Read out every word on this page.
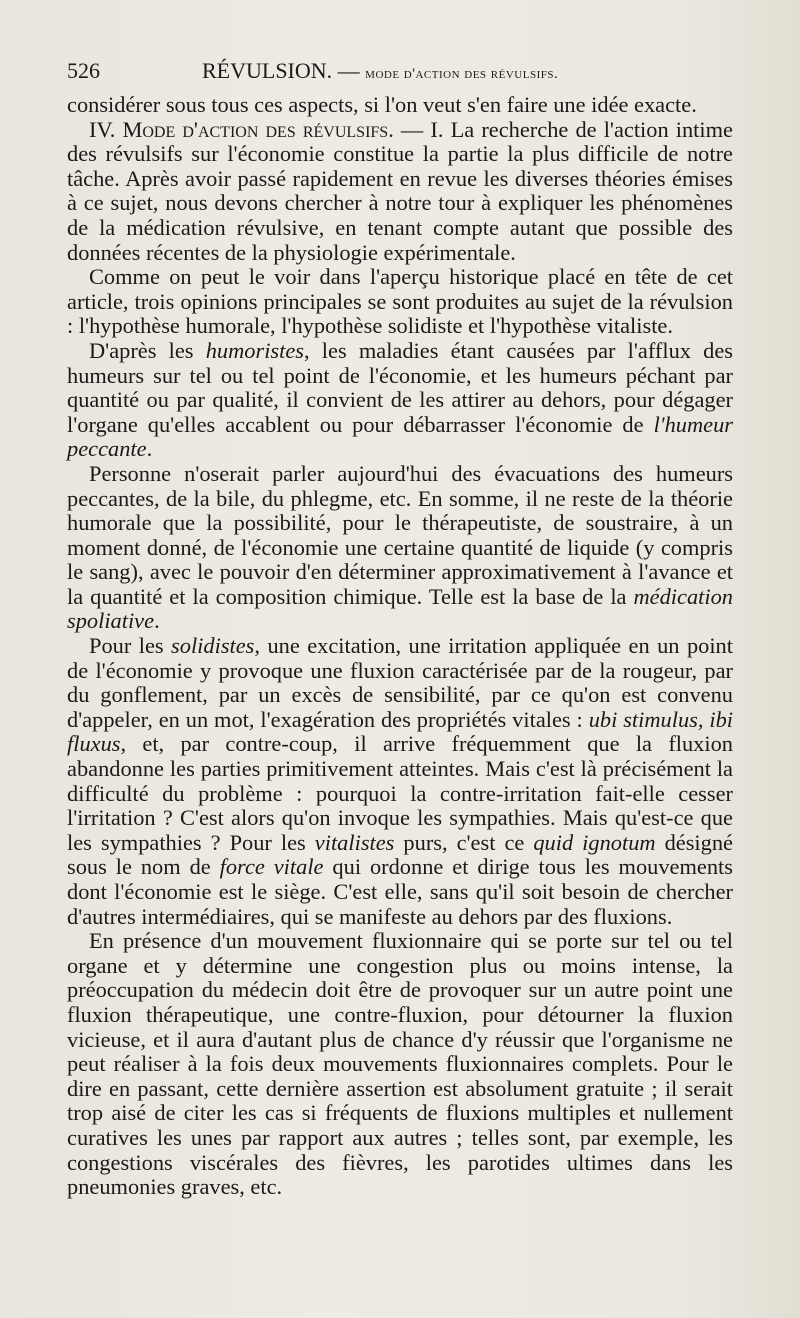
526	RÉVULSION. — mode d'action des révulsifs.

considérer sous tous ces aspects, si l'on veut s'en faire une idée exacte.

IV. Mode d'action des révulsifs. — I. La recherche de l'action intime des révulsifs sur l'économie constitue la partie la plus difficile de notre tâche. Après avoir passé rapidement en revue les diverses théories émises à ce sujet, nous devons chercher à notre tour à expliquer les phénomènes de la médication révulsive, en tenant compte autant que possible des données récentes de la physiologie expérimentale.

Comme on peut le voir dans l'aperçu historique placé en tête de cet article, trois opinions principales se sont produites au sujet de la révulsion : l'hypothèse humorale, l'hypothèse solidiste et l'hypothèse vitaliste.

D'après les humoristes, les maladies étant causées par l'afflux des humeurs sur tel ou tel point de l'économie, et les humeurs péchant par quantité ou par qualité, il convient de les attirer au dehors, pour dégager l'organe qu'elles accablent ou pour débarrasser l'économie de l'humeur peccante.

Personne n'oserait parler aujourd'hui des évacuations des humeurs peccantes, de la bile, du phlegme, etc. En somme, il ne reste de la théorie humorale que la possibilité, pour le thérapeutiste, de soustraire, à un moment donné, de l'économie une certaine quantité de liquide (y compris le sang), avec le pouvoir d'en déterminer approximativement à l'avance et la quantité et la composition chimique. Telle est la base de la médication spoliative.

Pour les solidistes, une excitation, une irritation appliquée en un point de l'économie y provoque une fluxion caractérisée par de la rougeur, par du gonflement, par un excès de sensibilité, par ce qu'on est convenu d'appeler, en un mot, l'exagération des propriétés vitales : ubi stimulus, ibi fluxus, et, par contre-coup, il arrive fréquemment que la fluxion abandonne les parties primitivement atteintes. Mais c'est là précisément la difficulté du problème : pourquoi la contre-irritation fait-elle cesser l'irritation ? C'est alors qu'on invoque les sympathies. Mais qu'est-ce que les sympathies ? Pour les vitalistes purs, c'est ce quid ignotum désigné sous le nom de force vitale qui ordonne et dirige tous les mouvements dont l'économie est le siège. C'est elle, sans qu'il soit besoin de chercher d'autres intermédiaires, qui se manifeste au dehors par des fluxions.

En présence d'un mouvement fluxionnaire qui se porte sur tel ou tel organe et y détermine une congestion plus ou moins intense, la préoccupation du médecin doit être de provoquer sur un autre point une fluxion thérapeutique, une contre-fluxion, pour détourner la fluxion vicieuse, et il aura d'autant plus de chance d'y réussir que l'organisme ne peut réaliser à la fois deux mouvements fluxionnaires complets. Pour le dire en passant, cette dernière assertion est absolument gratuite ; il serait trop aisé de citer les cas si fréquents de fluxions multiples et nullement curatives les unes par rapport aux autres ; telles sont, par exemple, les congestions viscérales des fièvres, les parotides ultimes dans les pneumonies graves, etc.
